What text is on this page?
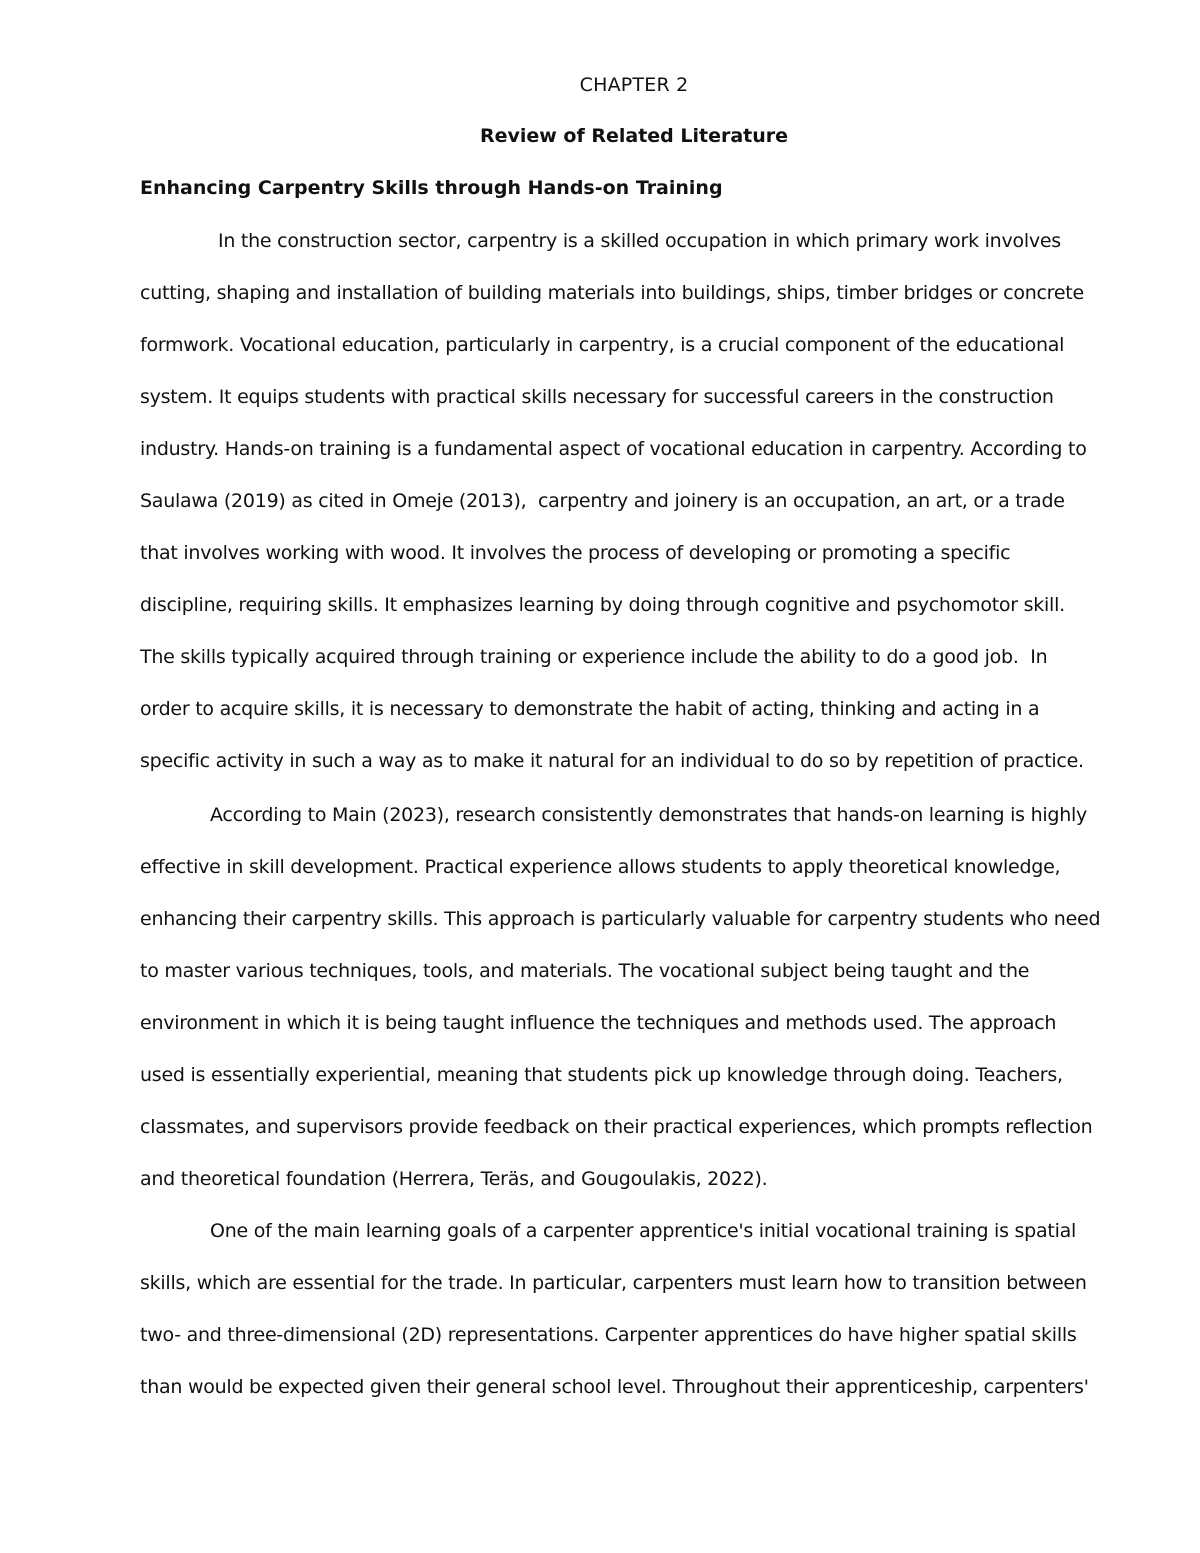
CHAPTER 2
Review of Related Literature
Enhancing Carpentry Skills through Hands-on Training
In the construction sector, carpentry is a skilled occupation in which primary work involves
cutting, shaping and installation of building materials into buildings, ships, timber bridges or concrete
formwork. Vocational education, particularly in carpentry, is a crucial component of the educational
system. It equips students with practical skills necessary for successful careers in the construction
industry. Hands-on training is a fundamental aspect of vocational education in carpentry. According to
Saulawa (2019) as cited in Omeje (2013),  carpentry and joinery is an occupation, an art, or a trade
that involves working with wood. It involves the process of developing or promoting a specific
discipline, requiring skills. It emphasizes learning by doing through cognitive and psychomotor skill.
The skills typically acquired through training or experience include the ability to do a good job.  In
order to acquire skills, it is necessary to demonstrate the habit of acting, thinking and acting in a
specific activity in such a way as to make it natural for an individual to do so by repetition of practice.
According to Main (2023), research consistently demonstrates that hands-on learning is highly
effective in skill development. Practical experience allows students to apply theoretical knowledge,
enhancing their carpentry skills. This approach is particularly valuable for carpentry students who need
to master various techniques, tools, and materials. The vocational subject being taught and the
environment in which it is being taught influence the techniques and methods used. The approach
used is essentially experiential, meaning that students pick up knowledge through doing. Teachers,
classmates, and supervisors provide feedback on their practical experiences, which prompts reflection
and theoretical foundation (Herrera, Teräs, and Gougoulakis, 2022).
One of the main learning goals of a carpenter apprentice's initial vocational training is spatial
skills, which are essential for the trade. In particular, carpenters must learn how to transition between
two- and three-dimensional (2D) representations. Carpenter apprentices do have higher spatial skills
than would be expected given their general school level. Throughout their apprenticeship, carpenters'
